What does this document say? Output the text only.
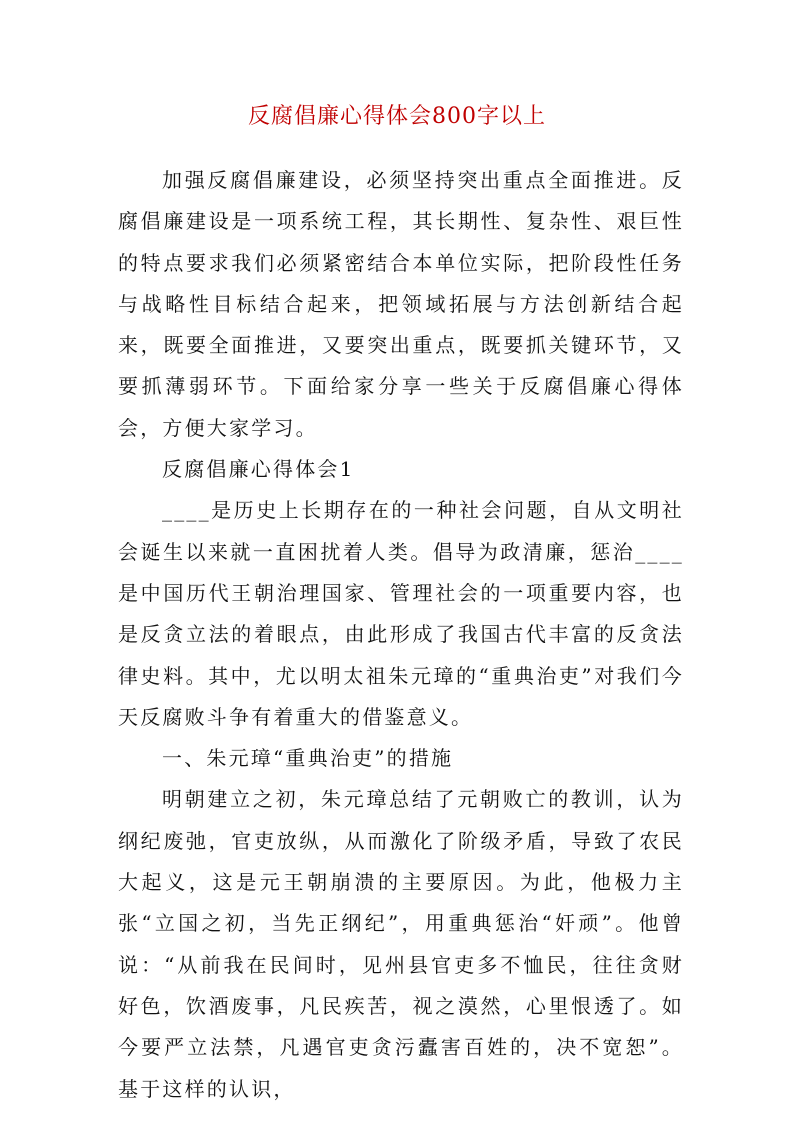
反腐倡廉心得体会800字以上

加强反腐倡廉建设，必须坚持突出重点全面推进。反腐倡廉建设是一项系统工程，其长期性、复杂性、艰巨性的特点要求我们必须紧密结合本单位实际，把阶段性任务与战略性目标结合起来，把领域拓展与方法创新结合起来，既要全面推进，又要突出重点，既要抓关键环节，又要抓薄弱环节。下面给家分享一些关于反腐倡廉心得体会，方便大家学习。

反腐倡廉心得体会1

____是历史上长期存在的一种社会问题，自从文明社会诞生以来就一直困扰着人类。倡导为政清廉，惩治____是中国历代王朝治理国家、管理社会的一项重要内容，也是反贪立法的着眼点，由此形成了我国古代丰富的反贪法律史料。其中，尤以明太祖朱元璋的“重典治吏”对我们今天反腐败斗争有着重大的借鉴意义。

一、朱元璋“重典治吏”的措施

明朝建立之初，朱元璋总结了元朝败亡的教训，认为纲纪废弛，官吏放纵，从而激化了阶级矛盾，导致了农民大起义，这是元王朝崩溃的主要原因。为此，他极力主张“立国之初，当先正纲纪”，用重典惩治“奸顽”。他曾说：“从前我在民间时，见州县官吏多不恤民，往往贪财好色，饮酒废事，凡民疾苦，视之漠然，心里恨透了。如今要严立法禁，凡遇官吏贪污蠹害百姓的，决不宽恕”。基于这样的认识，
